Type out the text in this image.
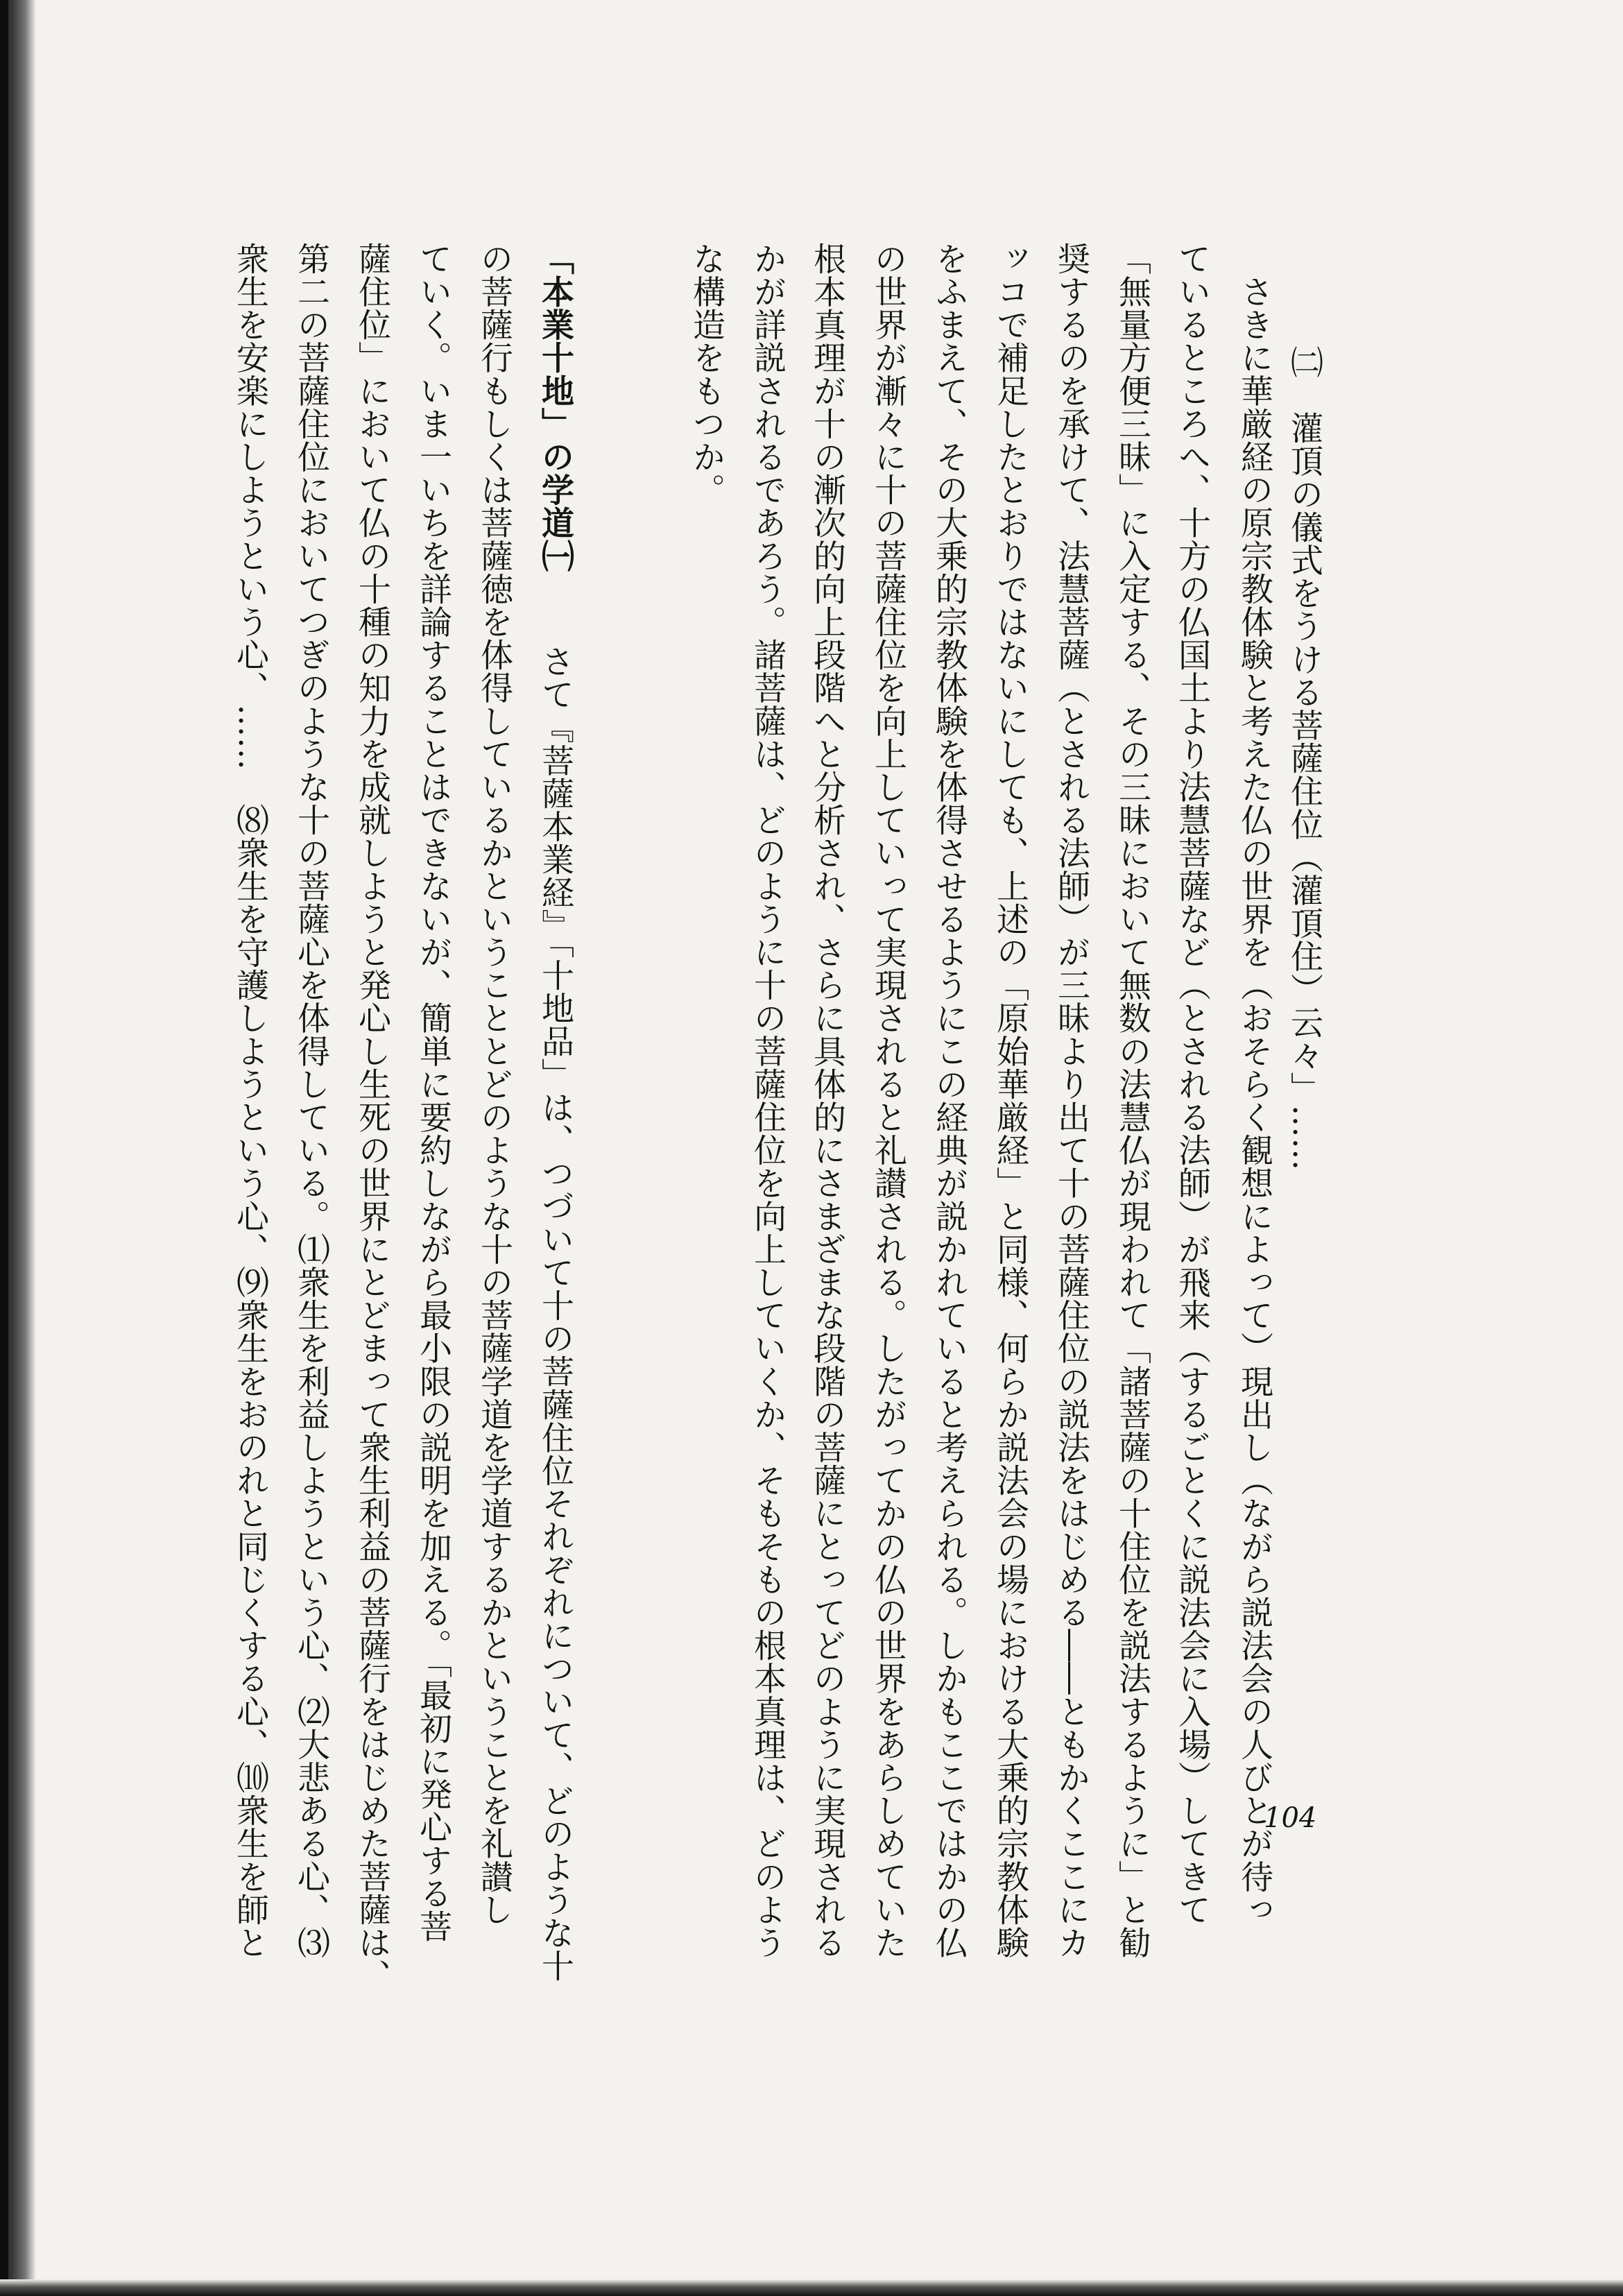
㈡　灌頂の儀式をうける菩薩住位（灌頂住）云々」……
　さきに華厳経の原宗教体験と考えた仏の世界を（おそらく観想によって）現出し（ながら説法会の人びとが待っ
ているところへ、十方の仏国土より法慧菩薩など（とされる法師）が飛来（するごとくに説法会に入場）してきて
「無量方便三昧」に入定する、その三昧において無数の法慧仏が現われて「諸菩薩の十住位を説法するように」と勧
奨するのを承けて、法慧菩薩（とされる法師）が三昧より出て十の菩薩住位の説法をはじめる――ともかくここにカ
ッコで補足したとおりではないにしても、上述の「原始華厳経」と同様、何らか説法会の場における大乗的宗教体験
をふまえて、その大乗的宗教体験を体得させるようにこの経典が説かれていると考えられる。しかもここではかの仏
の世界が漸々に十の菩薩住位を向上していって実現されると礼讃される。したがってかの仏の世界をあらしめていた
根本真理が十の漸次的向上段階へと分析され、さらに具体的にさまざまな段階の菩薩にとってどのように実現される
かが詳説されるであろう。諸菩薩は、どのように十の菩薩住位を向上していくか、そもそもの根本真理は、どのよう
な構造をもつか。
「本業十地」の学道㈠
　さて『菩薩本業経』「十地品」は、つづいて十の菩薩住位それぞれについて、どのような十
の菩薩行もしくは菩薩徳を体得しているかということとどのような十の菩薩学道を学道するかということを礼讃し
ていく。いま一いちを詳論することはできないが、簡単に要約しながら最小限の説明を加える。「最初に発心する菩
薩住位」において仏の十種の知力を成就しようと発心し生死の世界にとどまって衆生利益の菩薩行をはじめた菩薩は、
第二の菩薩住位においてつぎのような十の菩薩心を体得している。⑴衆生を利益しようという心、⑵大悲ある心、⑶
衆生を安楽にしようという心、……　⑻衆生を守護しようという心、⑼衆生をおのれと同じくする心、⑽衆生を師と	104
